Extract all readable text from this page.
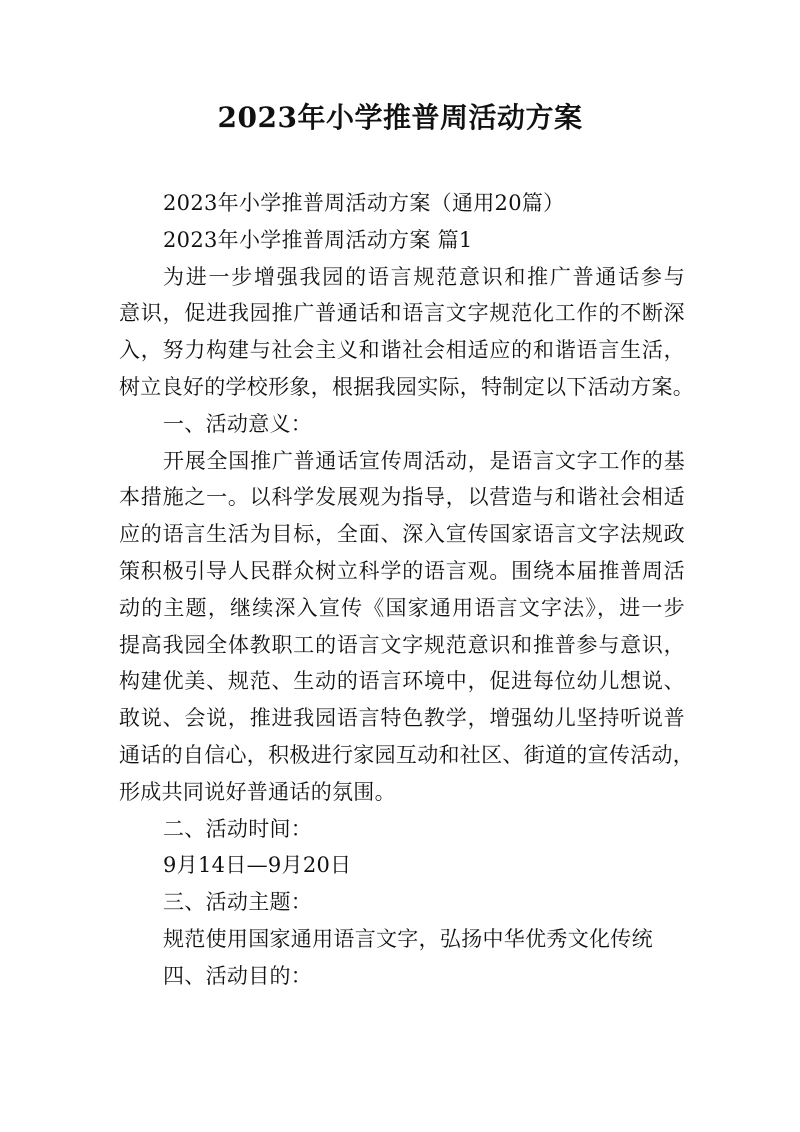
2023年小学推普周活动方案
2023年小学推普周活动方案（通用20篇）
2023年小学推普周活动方案 篇1
为进一步增强我园的语言规范意识和推广普通话参与
意识，促进我园推广普通话和语言文字规范化工作的不断深
入，努力构建与社会主义和谐社会相适应的和谐语言生活，
树立良好的学校形象，根据我园实际，特制定以下活动方案。
一、活动意义：
开展全国推广普通话宣传周活动，是语言文字工作的基
本措施之一。以科学发展观为指导，以营造与和谐社会相适
应的语言生活为目标，全面、深入宣传国家语言文字法规政
策积极引导人民群众树立科学的语言观。围绕本届推普周活
动的主题，继续深入宣传《国家通用语言文字法》，进一步
提高我园全体教职工的语言文字规范意识和推普参与意识，
构建优美、规范、生动的语言环境中，促进每位幼儿想说、
敢说、会说，推进我园语言特色教学，增强幼儿坚持听说普
通话的自信心，积极进行家园互动和社区、街道的宣传活动，
形成共同说好普通话的氛围。
二、活动时间：
9月14日—9月20日
三、活动主题：
规范使用国家通用语言文字，弘扬中华优秀文化传统
四、活动目的：
